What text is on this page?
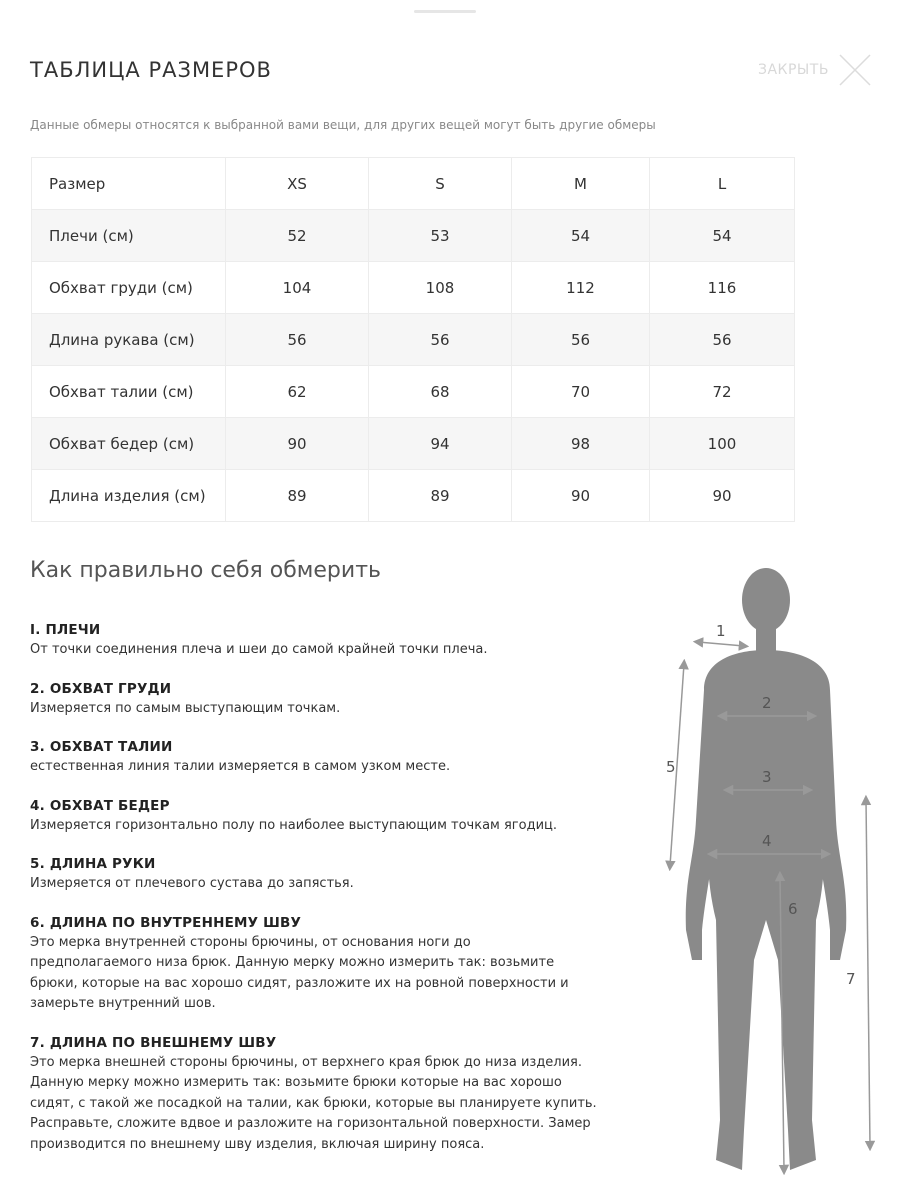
ТАБЛИЦА РАЗМЕРОВ	ЗАКРЫТЬ
Данные обмеры относятся к выбранной вами вещи, для других вещей могут быть другие обмеры
Размер	XS	S	M	L
Плечи (см)	52	53	54	54
Обхват груди (см)	104	108	112	116
Длина рукава (см)	56	56	56	56
Обхват талии (см)	62	68	70	72
Обхват бедер (см)	90	94	98	100
Длина изделия (см)	89	89	90	90
Как правильно себя обмерить
І. ПЛЕЧИ
От точки соединения плеча и шеи до самой крайней точки плеча.
2. ОБХВАТ ГРУДИ
Измеряется по самым выступающим точкам.
3. ОБХВАТ ТАЛИИ
естественная линия талии измеряется в самом узком месте.
4. ОБХВАТ БЕДЕР
Измеряется горизонтально полу по наиболее выступающим точкам ягодиц.
5. ДЛИНА РУКИ
Измеряется от плечевого сустава до запястья.
6. ДЛИНА ПО ВНУТРЕННЕМУ ШВУ
Это мерка внутренней стороны брючины, от основания ноги до
предполагаемого низа брюк. Данную мерку можно измерить так: возьмите
брюки, которые на вас хорошо сидят, разложите их на ровной поверхности и
замерьте внутренний шов.
7. ДЛИНА ПО ВНЕШНЕМУ ШВУ
Это мерка внешней стороны брючины, от верхнего края брюк до низа изделия.
Данную мерку можно измерить так: возьмите брюки которые на вас хорошо
сидят, с такой же посадкой на талии, как брюки, которые вы планируете купить.
Расправьте, сложите вдвое и разложите на горизонтальной поверхности. Замер
производится по внешнему шву изделия, включая ширину пояса.
1
2
3
4
5
6
7
